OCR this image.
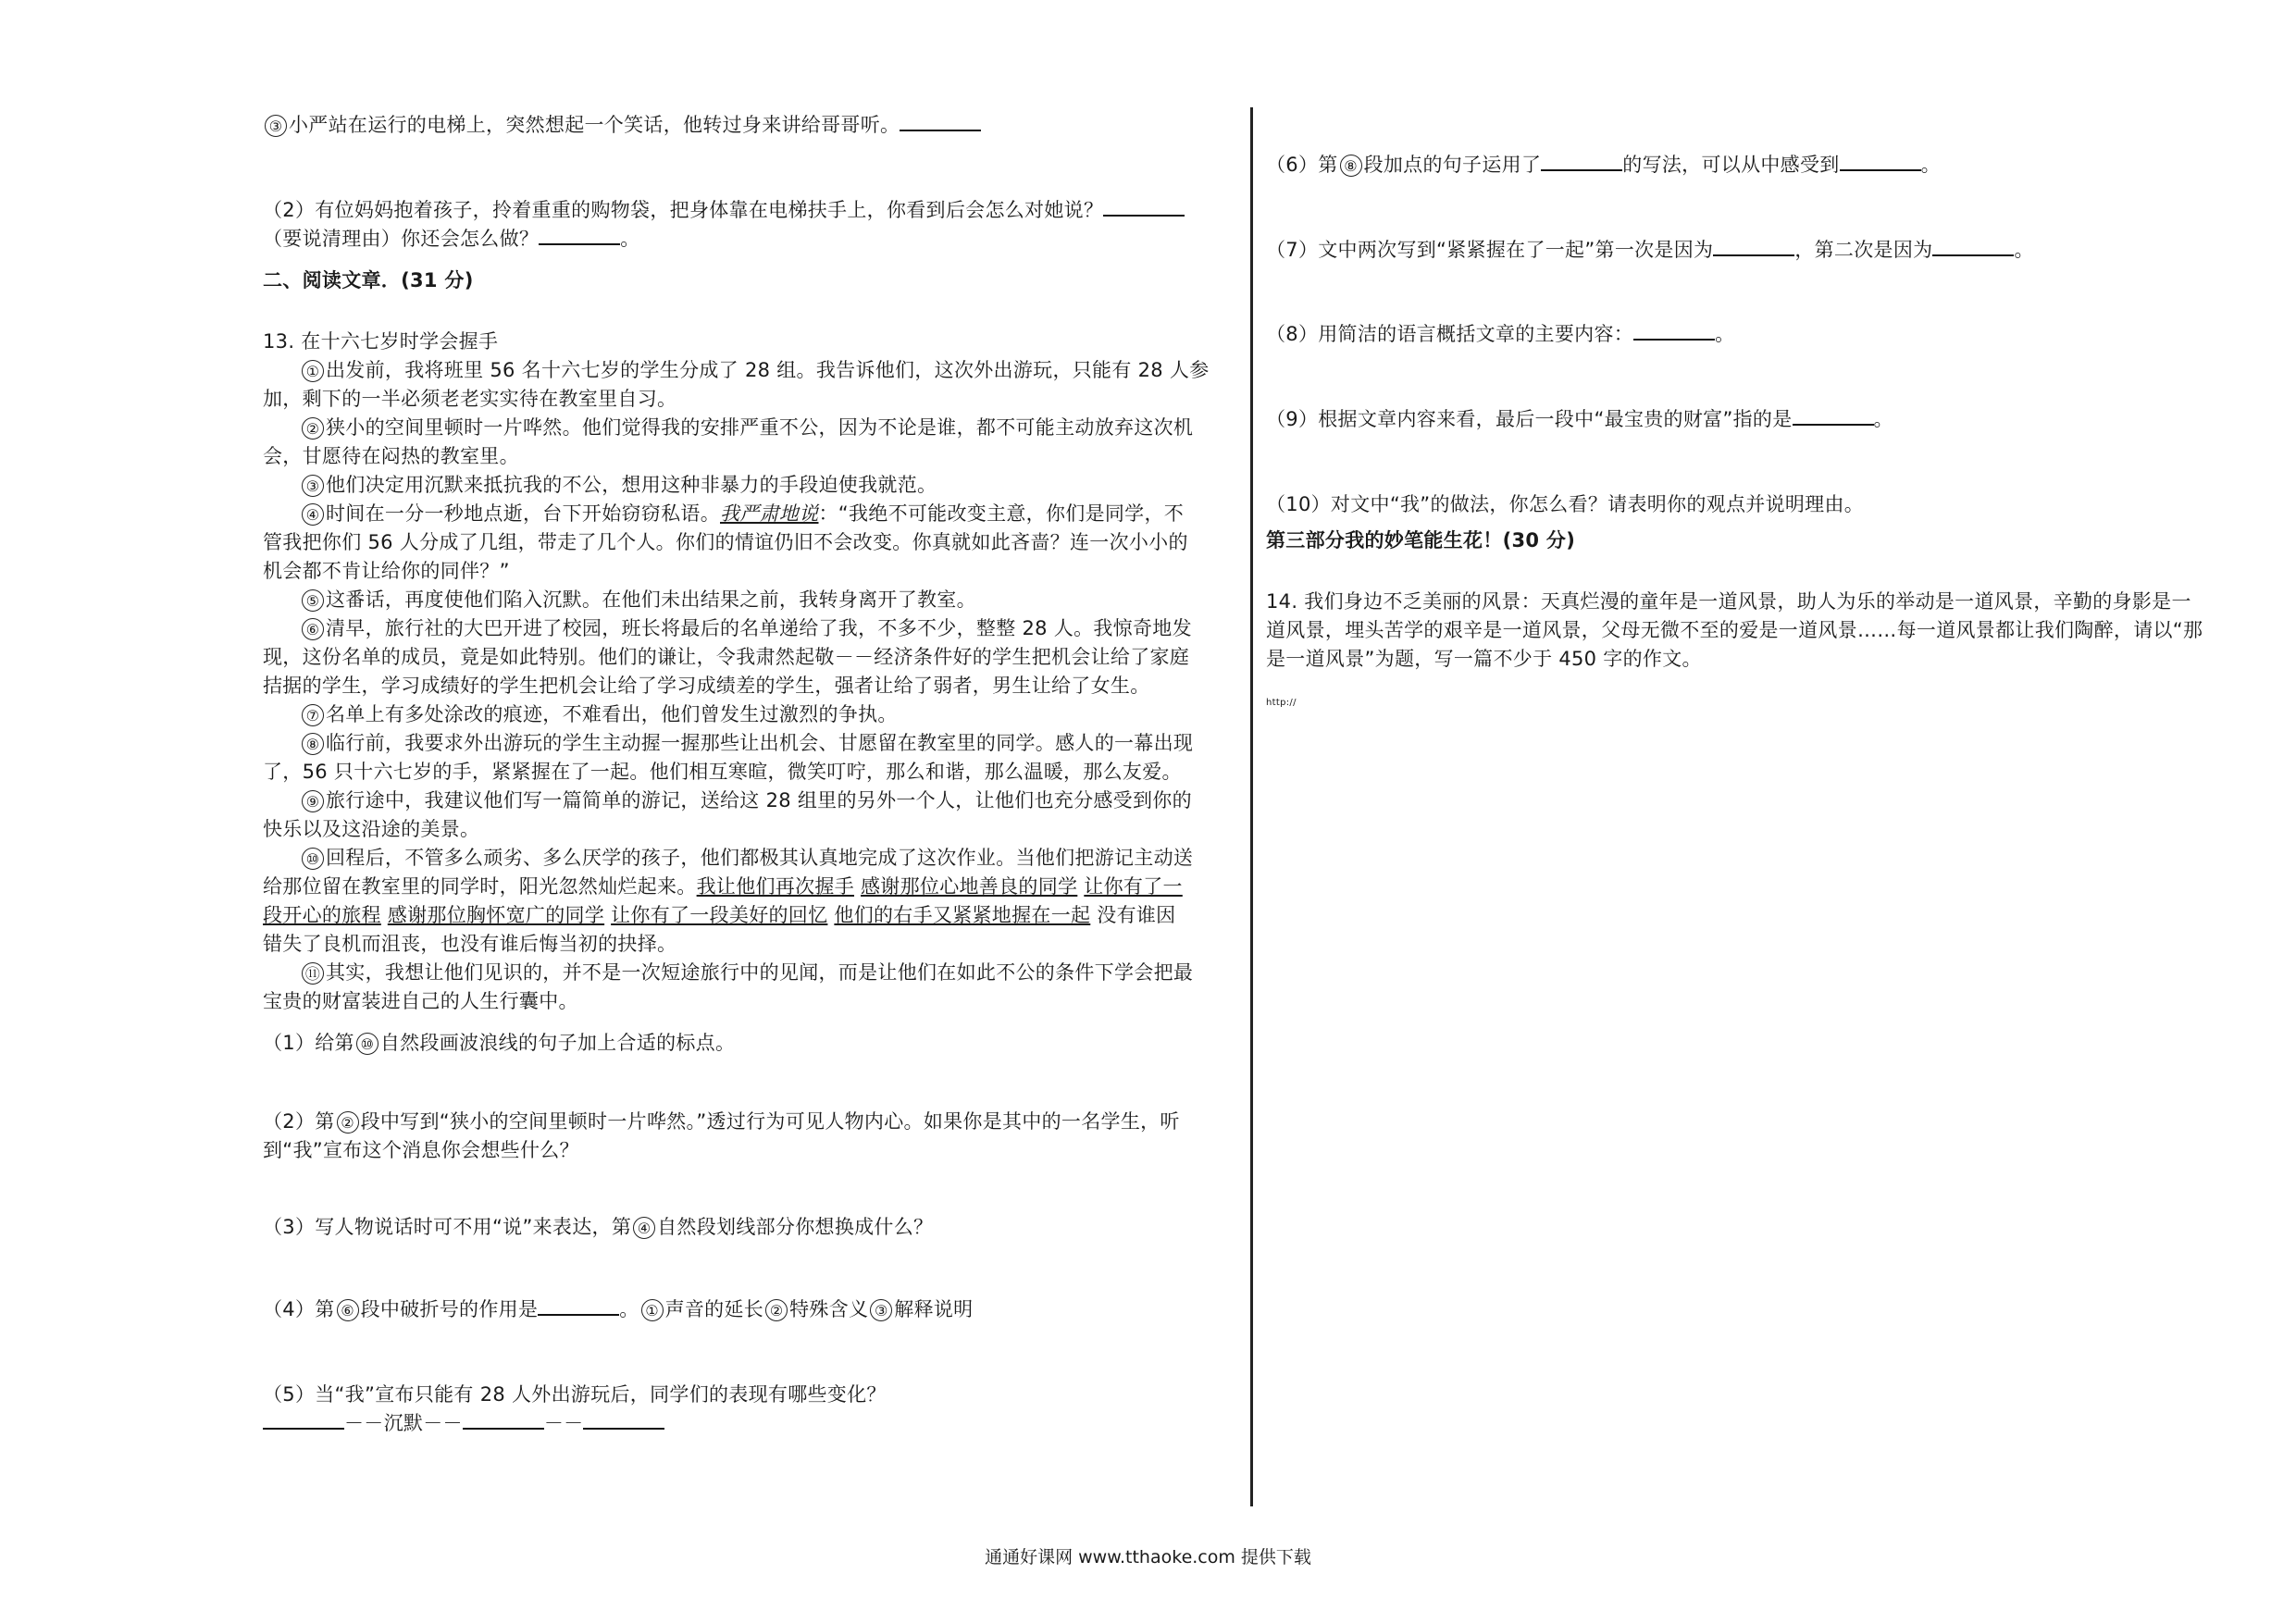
③ 小严站在运行的电梯上，突然想起一个笑话，他转过身来讲给哥哥听。
（2）有位妈妈抱着孩子，拎着重重的购物袋，把身体靠在电梯扶手上，你看到后会怎么对她说？
（要说清理由）你还会怎么做？	。
二、阅读文章．(31 分)
13. 在十六七岁时学会握手
① 出发前，我将班里 56 名十六七岁的学生分成了 28 组。我告诉他们，这次外出游玩，只能有 28 人参
加，剩下的一半必须老老实实待在教室里自习。
② 狭小的空间里顿时一片哗然。他们觉得我的安排严重不公，因为不论是谁，都不可能主动放弃这次机
会，甘愿待在闷热的教室里。
③ 他们决定用沉默来抵抗我的不公，想用这种非暴力的手段迫使我就范。
④ 时间在一分一秒地点逝，台下开始窃窃私语。我严肃地说：“我绝不可能改变主意，你们是同学，不
管我把你们 56 人分成了几组，带走了几个人。你们的情谊仍旧不会改变。你真就如此吝啬？连一次小小的
机会都不肯让给你的同伴？”
⑤ 这番话，再度使他们陷入沉默。在他们未出结果之前，我转身离开了教室。
⑥ 清早，旅行社的大巴开进了校园，班长将最后的名单递给了我，不多不少，整整 28 人。我惊奇地发
现，这份名单的成员，竟是如此特别。他们的谦让，令我肃然起敬－－经济条件好的学生把机会让给了家庭
拮据的学生，学习成绩好的学生把机会让给了学习成绩差的学生，强者让给了弱者，男生让给了女生。
⑦ 名单上有多处涂改的痕迹，不难看出，他们曾发生过激烈的争执。
⑧ 临行前，我要求外出游玩的学生主动握一握那些让出机会、甘愿留在教室里的同学。感人的一幕出现
了，56 只十六七岁的手，紧紧握在了一起。他们相互寒暄，微笑叮咛，那么和谐，那么温暖，那么友爱。
⑨ 旅行途中，我建议他们写一篇简单的游记，送给这 28 组里的另外一个人，让他们也充分感受到你的
快乐以及这沿途的美景。
⑩ 回程后，不管多么顽劣、多么厌学的孩子，他们都极其认真地完成了这次作业。当他们把游记主动送
给那位留在教室里的同学时，阳光忽然灿烂起来。我让他们再次握手 感谢那位心地善良的同学 让你有了一
段开心的旅程 感谢那位胸怀宽广的同学 让你有了一段美好的回忆 他们的右手又紧紧地握在一起 没有谁因
错失了良机而沮丧，也没有谁后悔当初的抉择。
⑪ 其实，我想让他们见识的，并不是一次短途旅行中的见闻，而是让他们在如此不公的条件下学会把最
宝贵的财富装进自己的人生行囊中。
（1）给第 ⑩ 自然段画波浪线的句子加上合适的标点。
（2）第 ② 段中写到“狭小的空间里顿时一片哗然。”透过行为可见人物内心。如果你是其中的一名学生，听
到“我”宣布这个消息你会想些什么？
（3）写人物说话时可不用“说”来表达，第 ④ 自然段划线部分你想换成什么？
（4）第 ⑥ 段中破折号的作用是	。 ① 声音的延长 ② 特殊含义 ③ 解释说明
（5）当“我”宣布只能有 28 人外出游玩后，同学们的表现有哪些变化？
－－沉默－－	－－
（6）第 ⑧ 段加点的句子运用了	的写法，可以从中感受到	。
（7）文中两次写到“紧紧握在了一起”第一次是因为	，第二次是因为	。
（8）用简洁的语言概括文章的主要内容：	。
（9）根据文章内容来看，最后一段中“最宝贵的财富”指的是	。
（10）对文中“我”的做法，你怎么看？请表明你的观点并说明理由。
第三部分我的妙笔能生花！(30 分)
14. 我们身边不乏美丽的风景：天真烂漫的童年是一道风景，助人为乐的举动是一道风景，辛勤的身影是一
道风景，埋头苦学的艰辛是一道风景，父母无微不至的爱是一道风景……每一道风景都让我们陶醉，请以“那
是一道风景”为题，写一篇不少于 450 字的作文。
http://
通通好课网 www.tthaoke.com 提供下载
